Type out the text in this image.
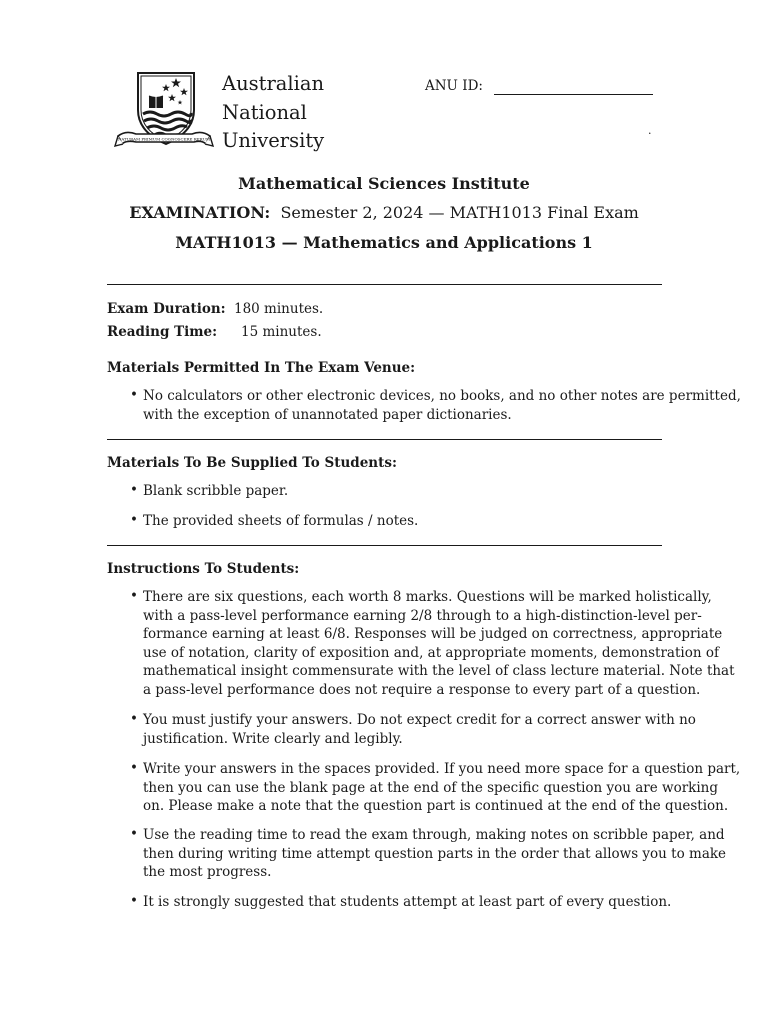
NATURAM PRIMUM COGNOSCERE RERUM
Australian
National
University
ANU ID:
.
Mathematical Sciences Institute
EXAMINATION: Semester 2, 2024 — MATH1013 Final Exam
MATH1013 — Mathematics and Applications 1
Exam Duration: 180 minutes.
Reading Time: 15 minutes.
Materials Permitted In The Exam Venue:
• No calculators or other electronic devices, no books, and no other notes are permitted,
with the exception of unannotated paper dictionaries.
Materials To Be Supplied To Students:
• Blank scribble paper.
• The provided sheets of formulas / notes.
Instructions To Students:
• There are six questions, each worth 8 marks. Questions will be marked holistically,
with a pass-level performance earning 2/8 through to a high-distinction-level per-
formance earning at least 6/8. Responses will be judged on correctness, appropriate
use of notation, clarity of exposition and, at appropriate moments, demonstration of
mathematical insight commensurate with the level of class lecture material. Note that
a pass-level performance does not require a response to every part of a question.
• You must justify your answers. Do not expect credit for a correct answer with no
justification. Write clearly and legibly.
• Write your answers in the spaces provided. If you need more space for a question part,
then you can use the blank page at the end of the specific question you are working
on. Please make a note that the question part is continued at the end of the question.
• Use the reading time to read the exam through, making notes on scribble paper, and
then during writing time attempt question parts in the order that allows you to make
the most progress.
• It is strongly suggested that students attempt at least part of every question.
